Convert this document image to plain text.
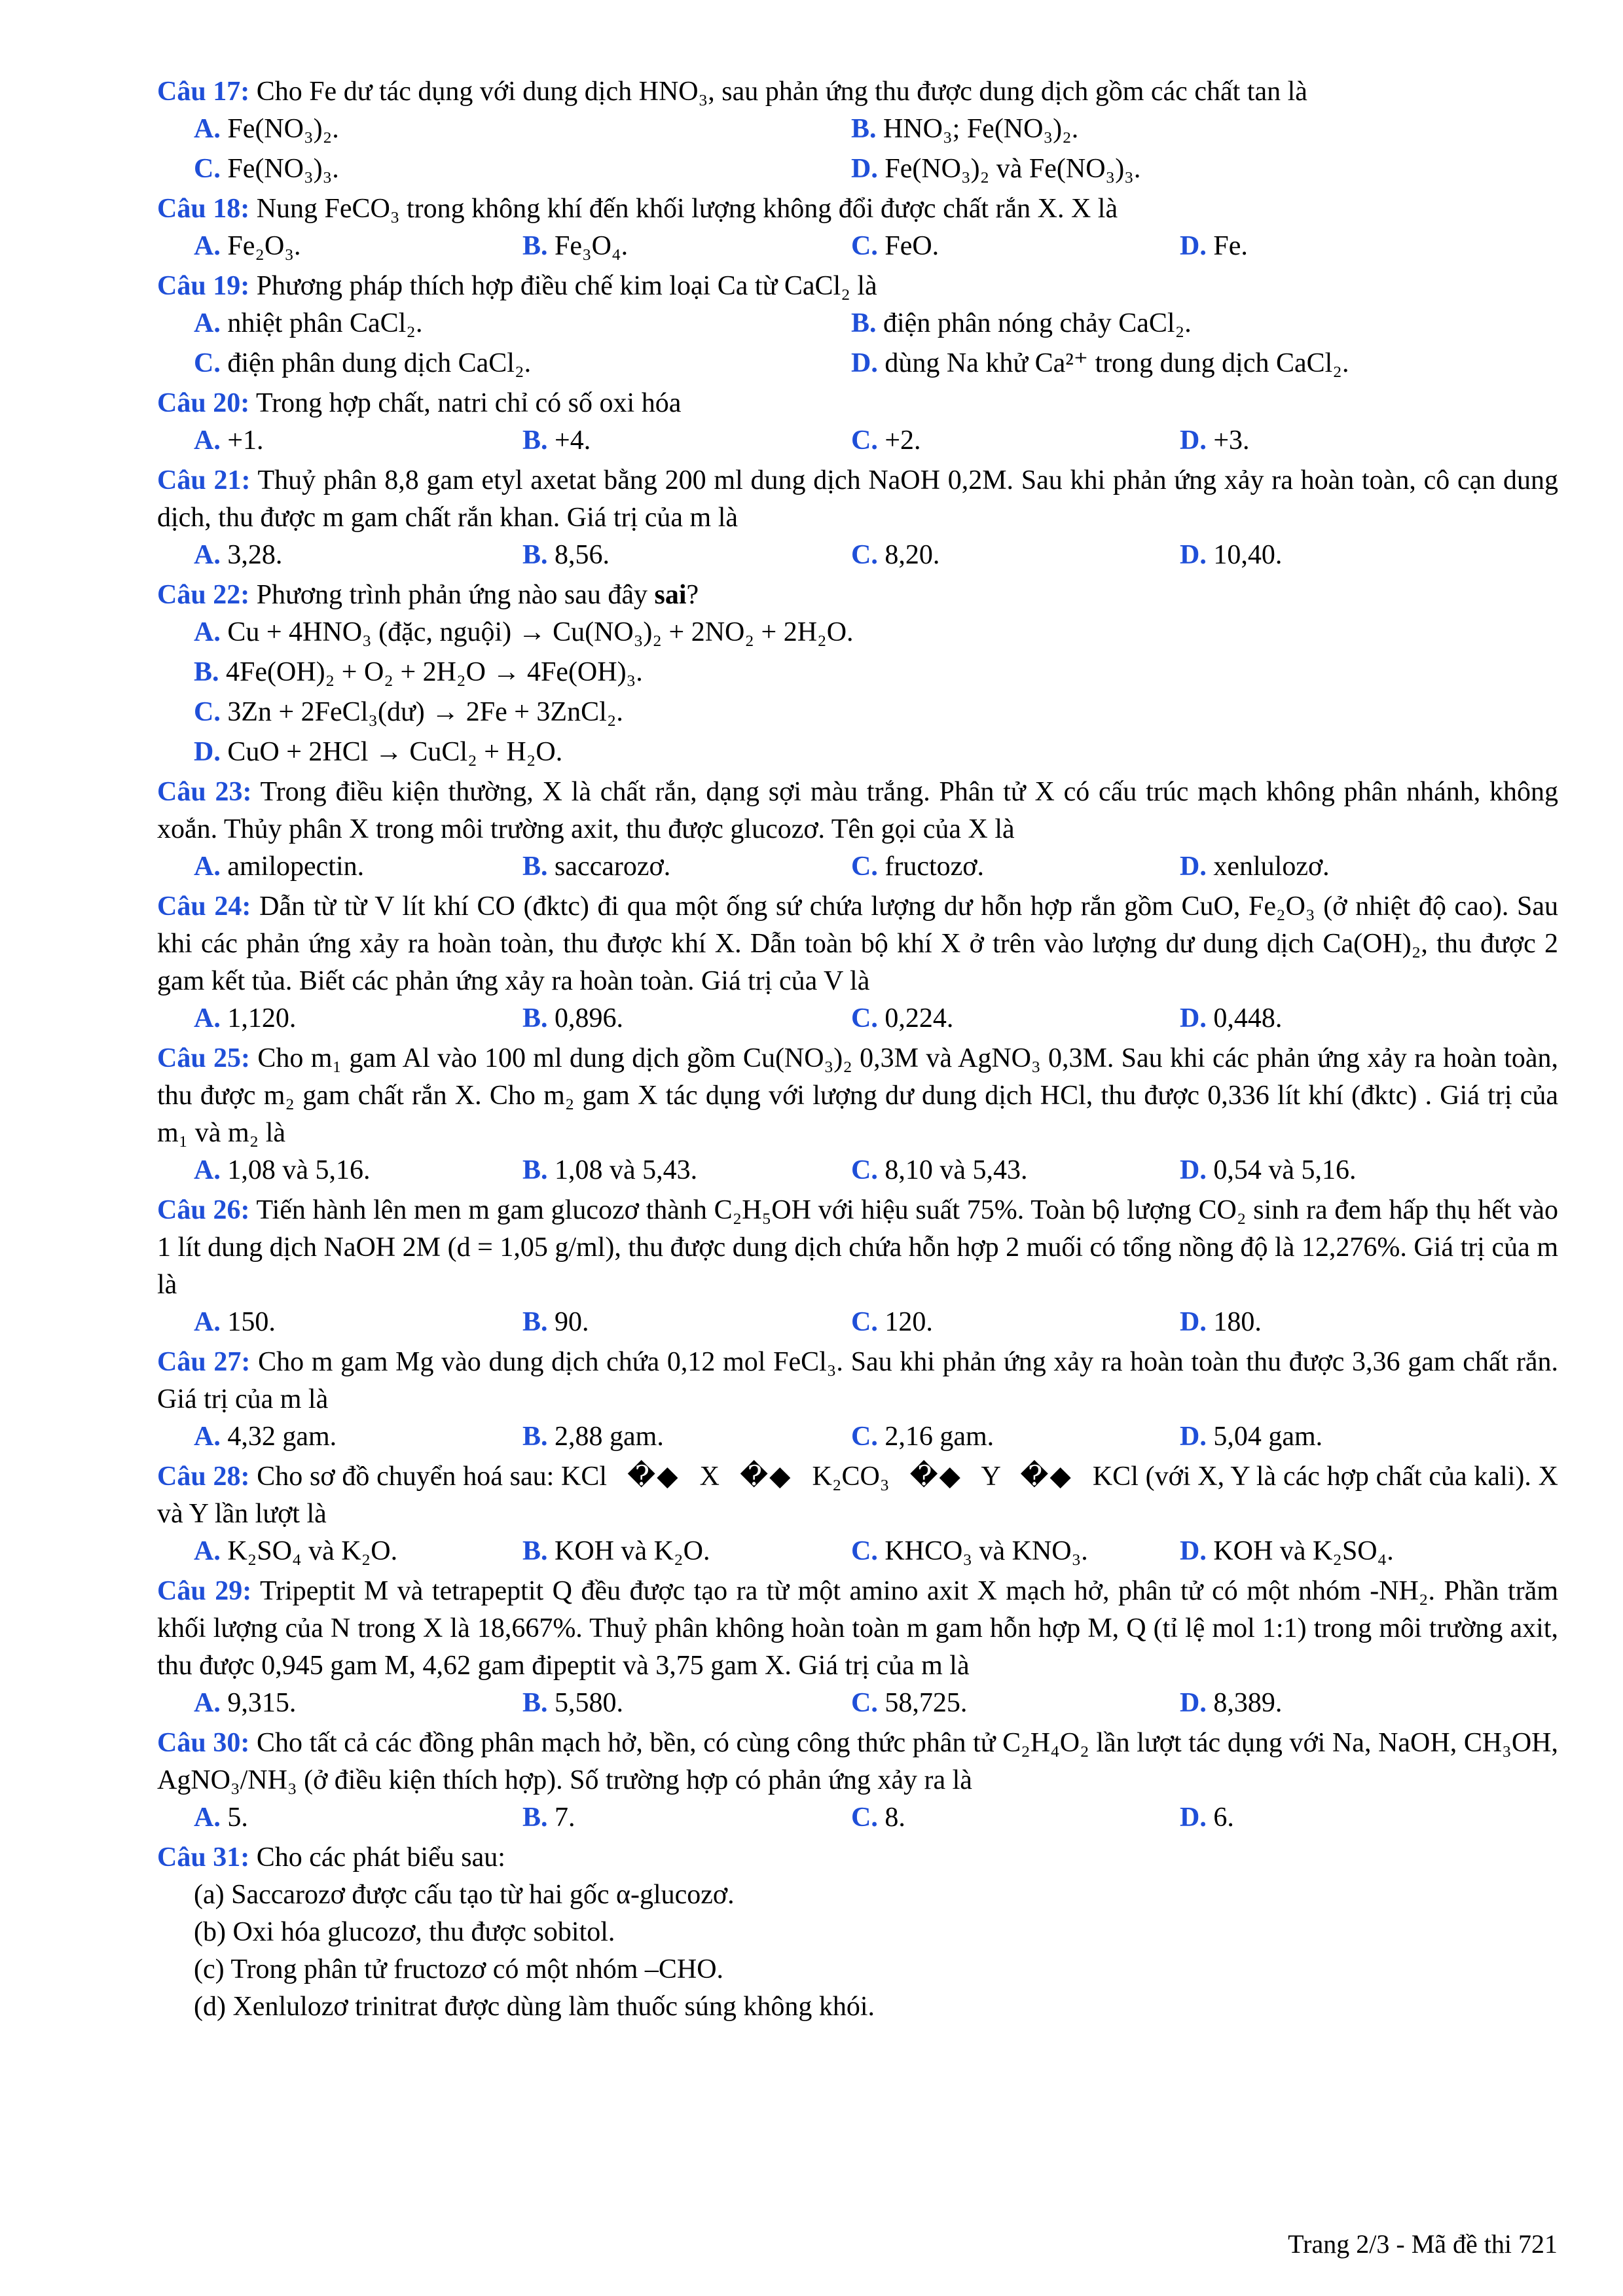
Câu 17: Cho Fe dư tác dụng với dung dịch HNO₃, sau phản ứng thu được dung dịch gồm các chất tan là

A. Fe(NO₃)₂.	B. HNO₃; Fe(NO₃)₂.
C. Fe(NO₃)₃.	D. Fe(NO₃)₂ và Fe(NO₃)₃.

Câu 18: Nung FeCO₃ trong không khí đến khối lượng không đổi được chất rắn X. X là

A. Fe₂O₃.	B. Fe₃O₄.	C. FeO.	D. Fe.

Câu 19: Phương pháp thích hợp điều chế kim loại Ca từ CaCl₂ là

A. nhiệt phân CaCl₂.	B. điện phân nóng chảy CaCl₂.
C. điện phân dung dịch CaCl₂.	D. dùng Na khử Ca²⁺ trong dung dịch CaCl₂.

Câu 20: Trong hợp chất, natri chỉ có số oxi hóa

A. +1.	B. +4.	C. +2.	D. +3.

Câu 21: Thuỷ phân 8,8 gam etyl axetat bằng 200 ml dung dịch NaOH 0,2M. Sau khi phản ứng xảy ra hoàn toàn, cô cạn dung dịch, thu được m gam chất rắn khan. Giá trị của m là

A. 3,28.	B. 8,56.	C. 8,20.	D. 10,40.

Câu 22: Phương trình phản ứng nào sau đây sai?

A. Cu + 4HNO₃ (đặc, nguội) → Cu(NO₃)₂ + 2NO₂ + 2H₂O.
B. 4Fe(OH)₂ + O₂ + 2H₂O → 4Fe(OH)₃.
C. 3Zn + 2FeCl₃(dư) → 2Fe + 3ZnCl₂.
D. CuO + 2HCl → CuCl₂ + H₂O.

Câu 23: Trong điều kiện thường, X là chất rắn, dạng sợi màu trắng. Phân tử X có cấu trúc mạch không phân nhánh, không xoắn. Thủy phân X trong môi trường axit, thu được glucozơ. Tên gọi của X là

A. amilopectin.	B. saccarozơ.	C. fructozơ.	D. xenlulozơ.

Câu 24: Dẫn từ từ V lít khí CO (đktc) đi qua một ống sứ chứa lượng dư hỗn hợp rắn gồm CuO, Fe₂O₃ (ở nhiệt độ cao). Sau khi các phản ứng xảy ra hoàn toàn, thu được khí X. Dẫn toàn bộ khí X ở trên vào lượng dư dung dịch Ca(OH)₂, thu được 2 gam kết tủa. Biết các phản ứng xảy ra hoàn toàn. Giá trị của V là

A. 1,120.	B. 0,896.	C. 0,224.	D. 0,448.

Câu 25: Cho m₁ gam Al vào 100 ml dung dịch gồm Cu(NO₃)₂ 0,3M và AgNO₃ 0,3M. Sau khi các phản ứng xảy ra hoàn toàn, thu được m₂ gam chất rắn X. Cho m₂ gam X tác dụng với lượng dư dung dịch HCl, thu được 0,336 lít khí (đktc) . Giá trị của m₁ và m₂ là

A. 1,08 và 5,16.	B. 1,08 và 5,43.	C. 8,10 và 5,43.	D. 0,54 và 5,16.

Câu 26: Tiến hành lên men m gam glucozơ thành C₂H₅OH với hiệu suất 75%. Toàn bộ lượng CO₂ sinh ra đem hấp thụ hết vào 1 lít dung dịch NaOH 2M (d = 1,05 g/ml), thu được dung dịch chứa hỗn hợp 2 muối có tổng nồng độ là 12,276%. Giá trị của m là

A. 150.	B. 90.	C. 120.	D. 180.

Câu 27: Cho m gam Mg vào dung dịch chứa 0,12 mol FeCl₃. Sau khi phản ứng xảy ra hoàn toàn thu được 3,36 gam chất rắn. Giá trị của m là

A. 4,32 gam.	B. 2,88 gam.	C. 2,16 gam.	D. 5,04 gam.

Câu 28: Cho sơ đồ chuyển hoá sau: KCl �◆ X �◆ K₂CO₃ �◆ Y �◆ KCl (với X, Y là các hợp chất của kali). X và Y lần lượt là

A. K₂SO₄ và K₂O.	B. KOH và K₂O.	C. KHCO₃ và KNO₃.	D. KOH và K₂SO₄.

Câu 29: Tripeptit M và tetrapeptit Q đều được tạo ra từ một amino axit X mạch hở, phân tử có một nhóm -NH₂. Phần trăm khối lượng của N trong X là 18,667%. Thuỷ phân không hoàn toàn m gam hỗn hợp M, Q (tỉ lệ mol 1:1) trong môi trường axit, thu được 0,945 gam M, 4,62 gam đipeptit và 3,75 gam X. Giá trị của m là

A. 9,315.	B. 5,580.	C. 58,725.	D. 8,389.

Câu 30: Cho tất cả các đồng phân mạch hở, bền, có cùng công thức phân tử C₂H₄O₂ lần lượt tác dụng với Na, NaOH, CH₃OH, AgNO₃/NH₃ (ở điều kiện thích hợp). Số trường hợp có phản ứng xảy ra là

A. 5.	B. 7.	C. 8.	D. 6.

Câu 31: Cho các phát biểu sau:

(a) Saccarozơ được cấu tạo từ hai gốc α-glucozơ.
(b) Oxi hóa glucozơ, thu được sobitol.
(c) Trong phân tử fructozơ có một nhóm –CHO.
(d) Xenlulozơ trinitrat được dùng làm thuốc súng không khói.
Trang 2/3 - Mã đề thi 721
